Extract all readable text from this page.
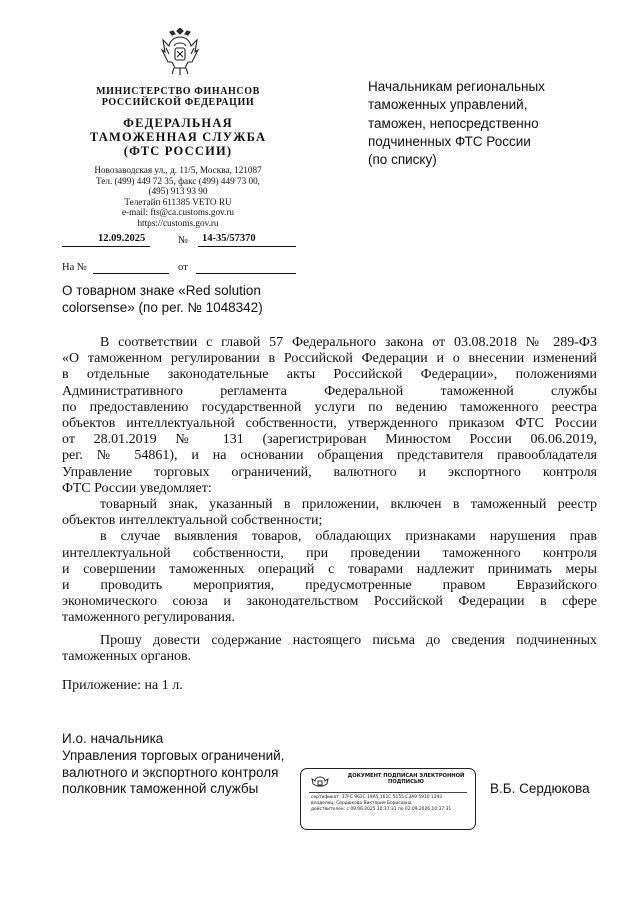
МИНИСТЕРСТВО ФИНАНСОВ
РОССИЙСКОЙ ФЕДЕРАЦИИ
ФЕДЕРАЛЬНАЯ
ТАМОЖЕННАЯ СЛУЖБА
(ФТС РОССИИ)
Новозаводская ул., д. 11/5, Москва, 121087
Тел. (499) 449 72 35, факс (499) 449 73 00,
(495) 913 93 90
Телетайп 611385 VETO RU
e-mail: fts@ca.customs.gov.ru
https://customs.gov.ru
12.09.2025	№ 14-35/57370
На №	от
Начальникам региональных
таможенных управлений,
таможен, непосредственно
подчиненных ФТС России
(по списку)
О товарном знаке «Red solution
colorsense» (по рег. № 1048342)
В соответствии с главой 57 Федерального закона от 03.08.2018 № 289-ФЗ
«О таможенном регулировании в Российской Федерации и о внесении изменений
в отдельные законодательные акты Российской Федерации», положениями
Административного регламента Федеральной таможенной службы
по предоставлению государственной услуги по ведению таможенного реестра
объектов интеллектуальной собственности, утвержденного приказом ФТС России
от 28.01.2019 № 131 (зарегистрирован Минюстом России 06.06.2019,
рег. № 54861), и на основании обращения представителя правообладателя
Управление торговых ограничений, валютного и экспортного контроля
ФТС России уведомляет:
товарный знак, указанный в приложении, включен в таможенный реестр
объектов интеллектуальной собственности;
в случае выявления товаров, обладающих признаками нарушения прав
интеллектуальной собственности, при проведении таможенного контроля
и совершении таможенных операций с товарами надлежит принимать меры
и проводить мероприятия, предусмотренные правом Евразийского
экономического союза и законодательством Российской Федерации в сфере
таможенного регулирования.
Прошу довести содержание настоящего письма до сведения подчиненных
таможенных органов.
Приложение: на 1 л.
И.о. начальника
Управления торговых ограничений,
валютного и экспортного контроля
полковник таможенной службы
ДОКУМЕНТ ПОДПИСАН ЭЛЕКТРОННОЙ
ПОДПИСЬЮ
сертификат: 37FC 962C 19A5 161C 5155 C3A9 5910 1293
владелец: Сердюкова Виктория Борисовна
действителен: с 09.06.2025 10:37:31 по 02.09.2026 10:37:31
В.Б. Сердюкова
